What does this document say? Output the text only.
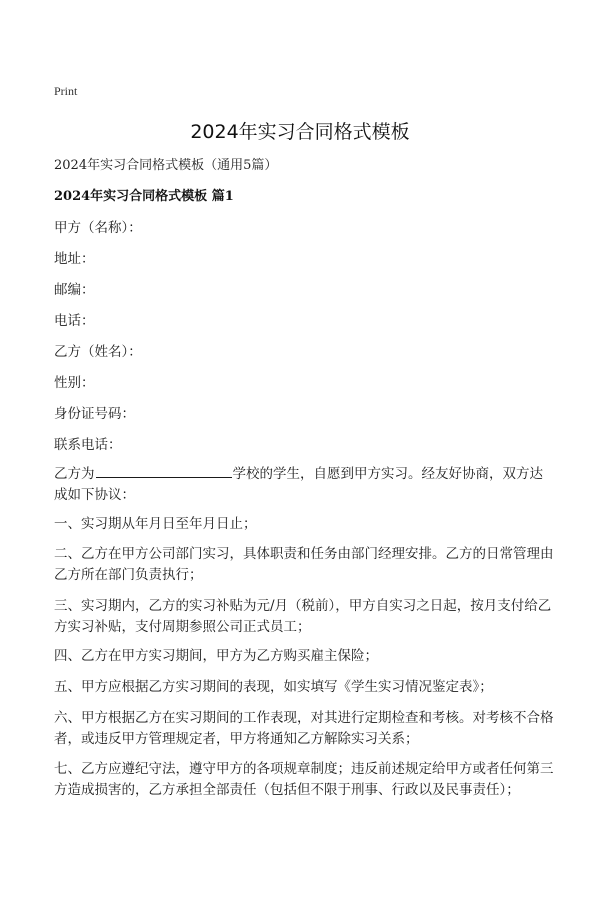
Print
2024年实习合同格式模板
2024年实习合同格式模板（通用5篇）
2024年实习合同格式模板 篇1
甲方（名称）：
地址：
邮编：
电话：
乙方（姓名）：
性别：
身份证号码：
联系电话：
乙方为	学校的学生，自愿到甲方实习。经友好协商，双方达成如下协议：
一、实习期从年月日至年月日止；
二、乙方在甲方公司部门实习，具体职责和任务由部门经理安排。乙方的日常管理由乙方所在部门负责执行；
三、实习期内，乙方的实习补贴为元/月（税前），甲方自实习之日起，按月支付给乙方实习补贴，支付周期参照公司正式员工；
四、乙方在甲方实习期间，甲方为乙方购买雇主保险；
五、甲方应根据乙方实习期间的表现，如实填写《学生实习情况鉴定表》；
六、甲方根据乙方在实习期间的工作表现，对其进行定期检查和考核。对考核不合格者，或违反甲方管理规定者，甲方将通知乙方解除实习关系；
七、乙方应遵纪守法，遵守甲方的各项规章制度；违反前述规定给甲方或者任何第三方造成损害的，乙方承担全部责任（包括但不限于刑事、行政以及民事责任）；
